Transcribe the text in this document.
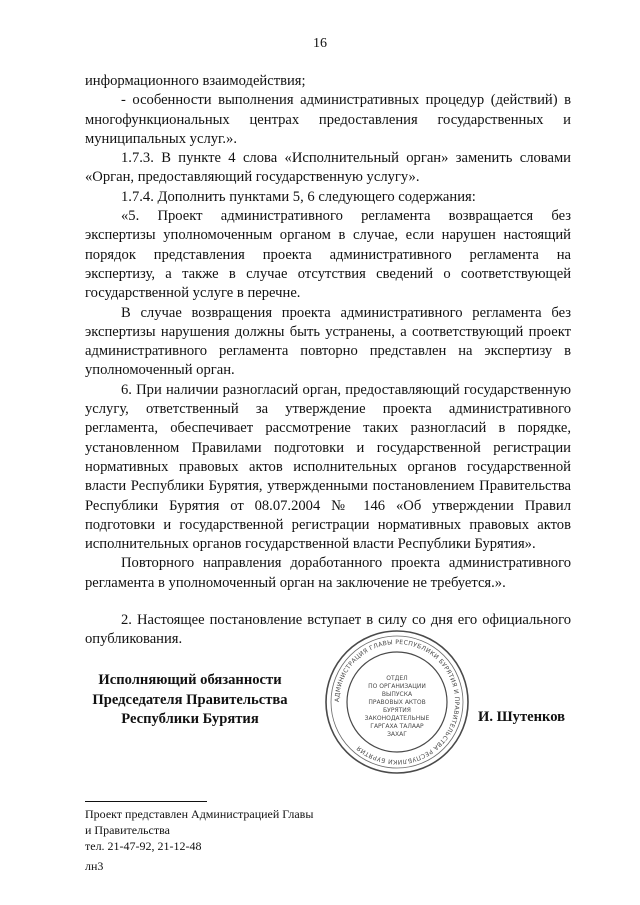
16

информационного взаимодействия;

- особенности выполнения административных процедур (действий) в многофункциональных центрах предоставления государственных и муниципальных услуг.».

1.7.3. В пункте 4 слова «Исполнительный орган» заменить словами «Орган, предоставляющий государственную услугу».

1.7.4. Дополнить пунктами 5, 6 следующего содержания:

«5. Проект административного регламента возвращается без экспертизы уполномоченным органом в случае, если нарушен настоящий порядок представления проекта административного регламента на экспертизу, а также в случае отсутствия сведений о соответствующей государственной услуге в перечне.

В случае возвращения проекта административного регламента без экспертизы нарушения должны быть устранены, а соответствующий проект административного регламента повторно представлен на экспертизу в уполномоченный орган.

6. При наличии разногласий орган, предоставляющий государственную услугу, ответственный за утверждение проекта административного регламента, обеспечивает рассмотрение таких разногласий в порядке, установленном Правилами подготовки и государственной регистрации нормативных правовых актов исполнительных органов государственной власти Республики Бурятия, утвержденными постановлением Правительства Республики Бурятия от 08.07.2004 № 146 «Об утверждении Правил подготовки и государственной регистрации нормативных правовых актов исполнительных органов государственной власти Республики Бурятия».

Повторного направления доработанного проекта административного регламента в уполномоченный орган на заключение не требуется.».

2. Настоящее постановление вступает в силу со дня его официального опубликования.

Исполняющий обязанности
Председателя Правительства
Республики Бурятия
АДМИНИСТРАЦИЯ ГЛАВЫ РЕСПУБЛИКИ БУРЯТИЯ И ПРАВИТЕЛЬСТВА РЕСПУБЛИКИ БУРЯТИЯ
ОТДЕЛ
ПО ОРГАНИЗАЦИИ
ВЫПУСКА
ПРАВОВЫХ АКТОВ
БУРЯТИЯ
ЗАКОНОДАТЕЛЬНЫЕ
ГАРГАХА ТАЛААР
ЗАХАГ
И. Шутенков
Проект представлен Администрацией Главы
и Правительства
тел. 21-47-92, 21-12-48
лн3
